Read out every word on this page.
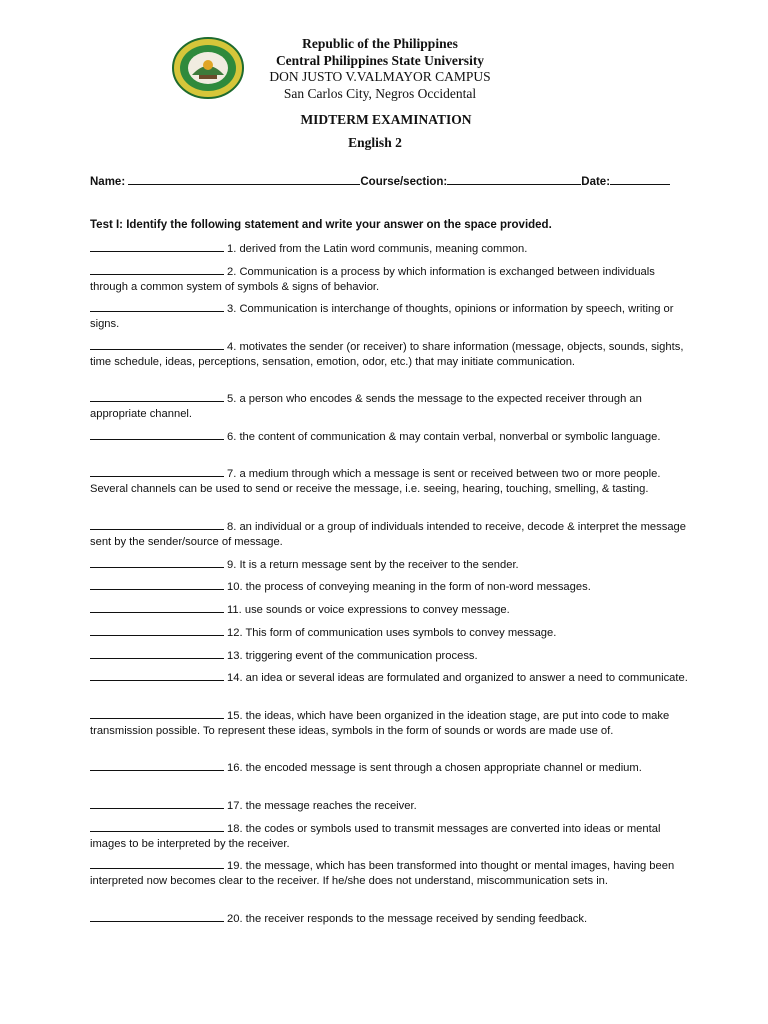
Republic of the Philippines
Central Philippines State University
DON JUSTO V.VALMAYOR CAMPUS
San Carlos City, Negros Occidental
MIDTERM EXAMINATION
English 2
Name:	Course/section:	Date:
Test I: Identify the following statement and write your answer on the space provided.
1. derived from the Latin word communis, meaning common.
2. Communication is a process by which information is exchanged between individuals through a common system of symbols & signs of behavior.
3. Communication is interchange of thoughts, opinions or information by speech, writing or signs.
4. motivates the sender (or receiver) to share information (message, objects, sounds, sights, time schedule, ideas, perceptions, sensation, emotion, odor, etc.) that may initiate communication.
5. a person who encodes & sends the message to the expected receiver through an appropriate channel.
6. the content of communication & may contain verbal, nonverbal or symbolic language.
7. a medium through which a message is sent or received between two or more people. Several channels can be used to send or receive the message, i.e. seeing, hearing, touching, smelling, & tasting.
8. an individual or a group of individuals intended to receive, decode & interpret the message sent by the sender/source of message.
9. It is a return message sent by the receiver to the sender.
10. the process of conveying meaning in the form of non-word messages.
11. use sounds or voice expressions to convey message.
12. This form of communication uses symbols to convey message.
13. triggering event of the communication process.
14. an idea or several ideas are formulated and organized to answer a need to communicate.
15. the ideas, which have been organized in the ideation stage, are put into code to make transmission possible. To represent these ideas, symbols in the form of sounds or words are made use of.
16. the encoded message is sent through a chosen appropriate channel or medium.
17. the message reaches the receiver.
18. the codes or symbols used to transmit messages are converted into ideas or mental images to be interpreted by the receiver.
19. the message, which has been transformed into thought or mental images, having been interpreted now becomes clear to the receiver. If he/she does not understand, miscommunication sets in.
20. the receiver responds to the message received by sending feedback.
